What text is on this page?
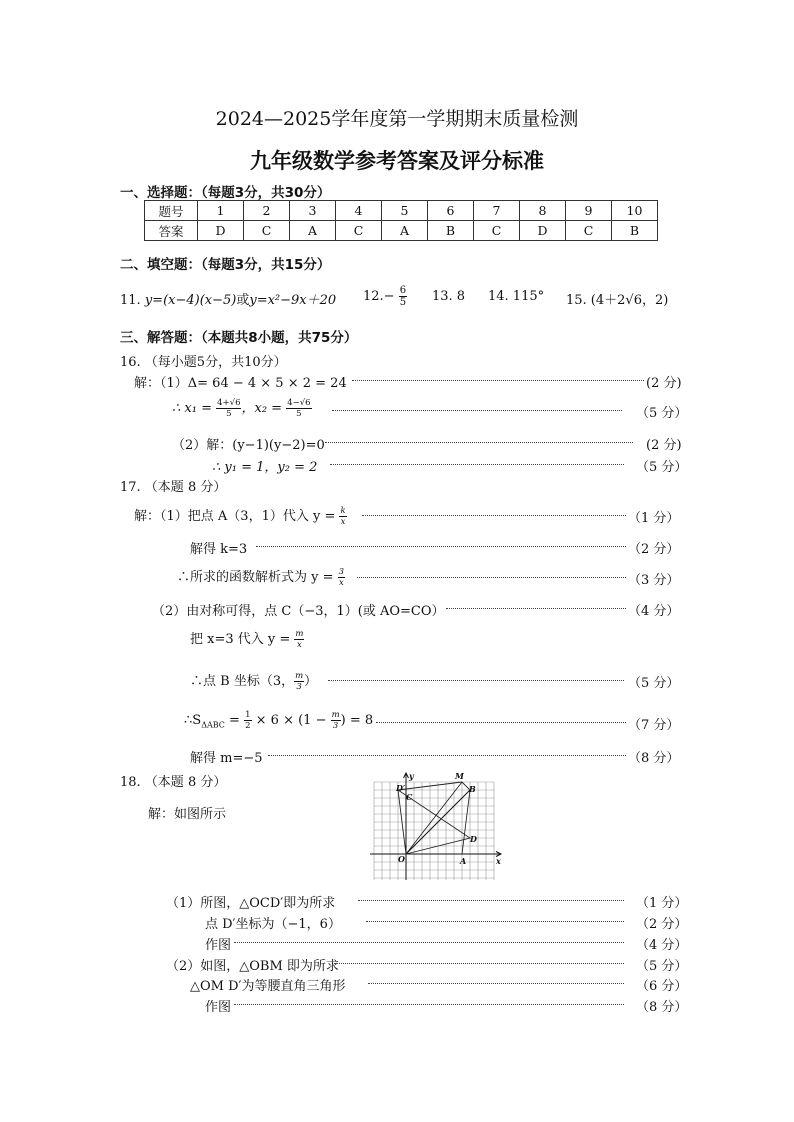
2024—2025学年度第一学期期末质量检测
九年级数学参考答案及评分标准
一、选择题：（每题3分，共30分）
题号	1	2	3	4	5	6	7	8	9	10
答案	D	C	A	C	A	B	C	D	C	B
二、填空题：（每题3分，共15分）
11. y=(x−4)(x−5)或y=x²−9x＋20 $12.- \frac{6}{5} 13$. 8 14. 115° 15. (4＋2√6，2)
三、解答题：（本题共8小题，共75分）
16. （每小题5分，共10分）
解：（1）Δ= 64 − 4 × 5 × 2 = 24	(2 分)
∴ $x_1 = \frac{4+√6}{5}$ ，$x_2 = \frac{4-√6}{5}$	（5 分）
（2）解：(y−1)(y−2)=0	(2 分)
∴ y₁ = 1，y₂ = 2	（5 分）
17. （本题 8 分）
解：（1）把点 A（3，1）代入 $y = \frac{k}{x}$	（1 分）
解得 k=3	（2 分）
∴所求的函数解析式为 $y = \frac{3}{x}$	（3 分）
（2）由对称可得，点 C（−3，1）(或 AO=CO）	（4 分）
把 x=3 代入 $y = \frac{m}{x}$
∴点 B 坐标（3， $\frac{m}{3}$ ）	（5 分）
$\therefore S_{\Delta ABC} = \frac{1}{2} \times 6 \times (1 - \frac{m}{3}$ ) = 8	（7 分）
解得 m=−5	（8 分）
18. （本题 8 分）
解：如图所示
y	M
B
D′
C
D
O	A	x
（1）所图，△OCD′即为所求	（1 分）
点 D′坐标为（−1，6）	（2 分）
作图	（4 分）
（2）如图，△OBM 即为所求	（5 分）
△OM D′为等腰直角三角形	（6 分）
作图	（8 分）
